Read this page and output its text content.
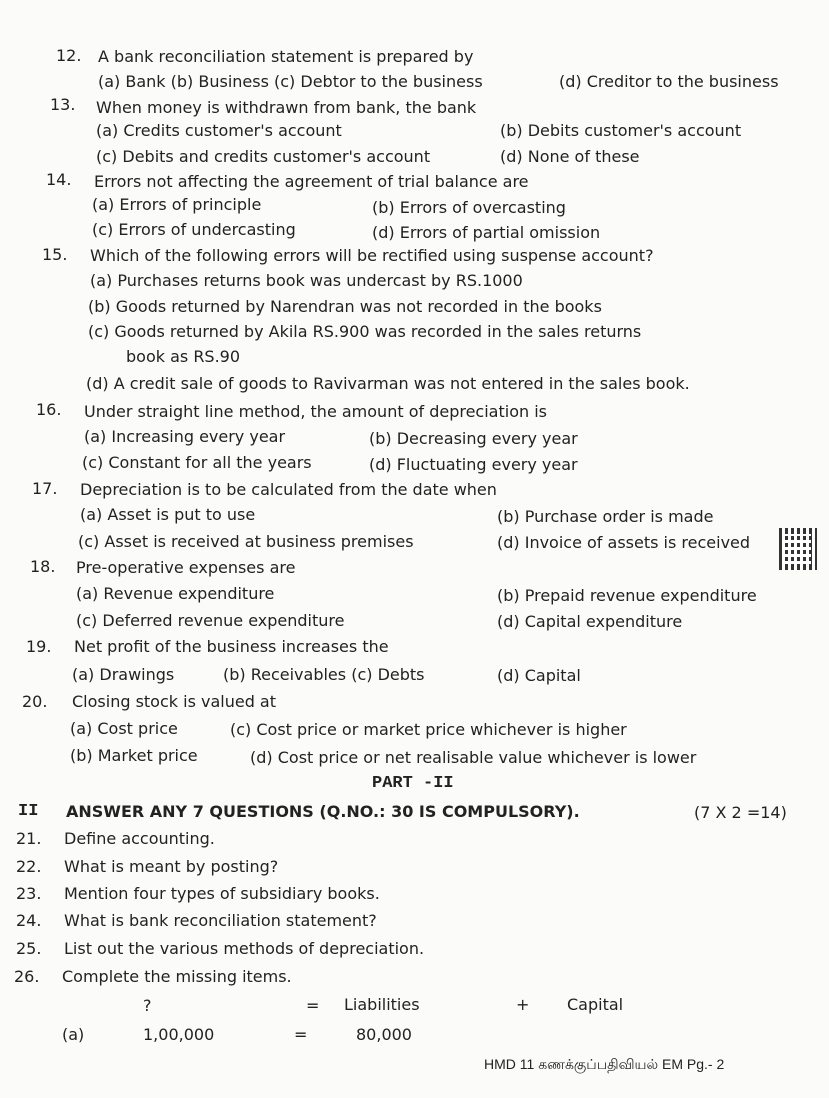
12. A bank reconciliation statement is prepared by
(a) Bank (b) Business (c) Debtor to the business	(d) Creditor to the business
13. When money is withdrawn from bank, the bank
(a) Credits customer's account	(b) Debits customer's account
(c) Debits and credits customer's account	(d) None of these
14. Errors not affecting the agreement of trial balance are
(a) Errors of principle	(b) Errors of overcasting
(c) Errors of undercasting	(d) Errors of partial omission
15. Which of the following errors will be rectified using suspense account?
(a) Purchases returns book was undercast by RS.1000
(b) Goods returned by Narendran was not recorded in the books
(c) Goods returned by Akila RS.900 was recorded in the sales returns
book as RS.90
(d) A credit sale of goods to Ravivarman was not entered in the sales book.
16. Under straight line method, the amount of depreciation is
(a) Increasing every year	(b) Decreasing every year
(c) Constant for all the years	(d) Fluctuating every year
17. Depreciation is to be calculated from the date when
(a) Asset is put to use	(b) Purchase order is made
(c) Asset is received at business premises	(d) Invoice of assets is received
18. Pre-operative expenses are
(a) Revenue expenditure	(b) Prepaid revenue expenditure
(c) Deferred revenue expenditure	(d) Capital expenditure
19. Net profit of the business increases the
(a) Drawings	(b) Receivables (c) Debts	(d) Capital
20. Closing stock is valued at
(a) Cost price	(c) Cost price or market price whichever is higher
(b) Market price	(d) Cost price or net realisable value whichever is lower
PART -II
II ANSWER ANY 7 QUESTIONS (Q.NO.: 30 IS COMPULSORY).	(7 X 2 =14)
21. Define accounting.
22. What is meant by posting?
23. Mention four types of subsidiary books.
24. What is bank reconciliation statement?
25. List out the various methods of depreciation.
26. Complete the missing items.
?	= Liabilities	+ Capital
(a)	1,00,000	=	80,000
HMD 11 கணக்குப்பதிவியல் EM Pg.- 2
